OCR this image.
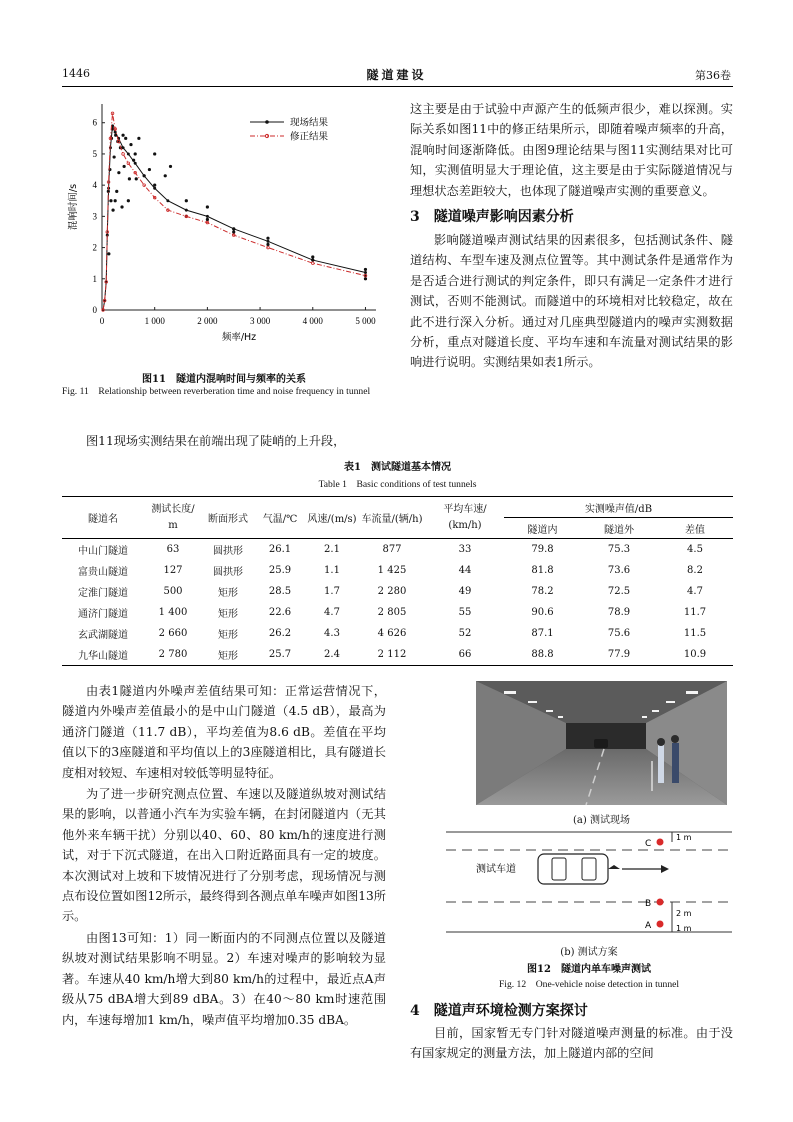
1446	隧道建设	第36卷
0	1 000	2 000	3 000	4 000	5 000
0
1
2
3
4
5
6
频率/Hz
混响时间/s
现场结果
修正结果
图11　隧道内混响时间与频率的关系
Fig. 11　Relationship between reverberation time and noise frequency in tunnel

图11现场实测结果在前端出现了陡峭的上升段，

这主要是由于试验中声源产生的低频声很少，难以探测。实际关系如图11中的修正结果所示，即随着噪声频率的升高，混响时间逐渐降低。由图9理论结果与图11实测结果对比可知，实测值明显大于理论值，这主要是由于实际隧道情况与理想状态差距较大，也体现了隧道噪声实测的重要意义。

3　隧道噪声影响因素分析

影响隧道噪声测试结果的因素很多，包括测试条件、隧道结构、车型车速及测点位置等。其中测试条件是通常作为是否适合进行测试的判定条件，即只有满足一定条件才进行测试，否则不能测试。而隧道中的环境相对比较稳定，故在此不进行深入分析。通过对几座典型隧道内的噪声实测数据分析，重点对隧道长度、平均车速和车流量对测试结果的影响进行说明。实测结果如表1所示。

表1　测试隧道基本情况
Table 1　Basic conditions of test tunnels
隧道名	测试长度/
m	断面形式	气温/℃	风速/(m/s)	车流量/(辆/h)	平均车速/
(km/h)	实测噪声值/dB		
							隧道内	隧道外	差值
中山门隧道	63	圆拱形	26.1	2.1	877	33	79.8	75.3	4.5
富贵山隧道	127	圆拱形	25.9	1.1	1 425	44	81.8	73.6	8.2
定淮门隧道	500	矩形	28.5	1.7	2 280	49	78.2	72.5	4.7
通济门隧道	1 400	矩形	22.6	4.7	2 805	55	90.6	78.9	11.7
玄武湖隧道	2 660	矩形	26.2	4.3	4 626	52	87.1	75.6	11.5
九华山隧道	2 780	矩形	25.7	2.4	2 112	66	88.8	77.9	10.9

由表1隧道内外噪声差值结果可知：正常运营情况下，隧道内外噪声差值最小的是中山门隧道（4.5 dB），最高为通济门隧道（11.7 dB），平均差值为8.6 dB。差值在平均值以下的3座隧道和平均值以上的3座隧道相比，具有隧道长度相对较短、车速相对较低等明显特征。

为了进一步研究测点位置、车速以及隧道纵坡对测试结果的影响，以普通小汽车为实验车辆，在封闭隧道内（无其他外来车辆干扰）分别以40、60、80 km/h的速度进行测试，对于下沉式隧道，在出入口附近路面具有一定的坡度。本次测试对上坡和下坡情况进行了分别考虑，现场情况与测点布设位置如图12所示，最终得到各测点单车噪声如图13所示。

由图13可知：1）同一断面内的不同测点位置以及隧道纵坡对测试结果影响不明显。2）车速对噪声的影响较为显著。车速从40 km/h增大到80 km/h的过程中，最近点A声级从75 dBA增大到89 dBA。3）在40～80 km时速范围内，车速每增加1 km/h，噪声值平均增加0.35 dBA。

(a) 测试现场
测试车道
C
B
A
1 m
2 m
1 m
(b) 测试方案
图12　隧道内单车噪声测试
Fig. 12　One-vehicle noise detection in tunnel
4　隧道声环境检测方案探讨

目前，国家暂无专门针对隧道噪声测量的标准。由于没有国家规定的测量方法，加上隧道内部的空间
